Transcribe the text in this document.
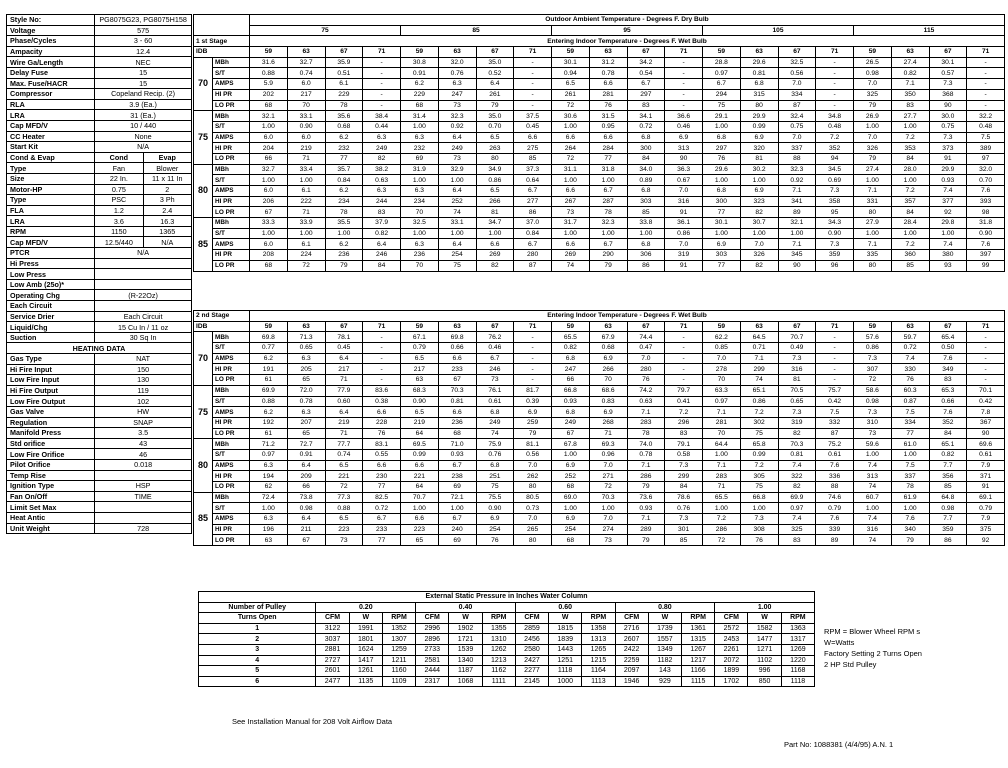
Style No:	PG8075G23, PG8075H158	
Voltage	575	
Phase/Cycles	3 - 60	
Ampacity	12.4	
Wire Ga/Length	NEC	
Delay Fuse	15	
Max. Fuse/HACR	15	
Compressor	Copeland Recip. (2)	
RLA	3.9 (Ea.)	
LRA	31 (Ea.)	
Cap MFD/V	10 / 440	
CC Heater	None	
Start Kit	N/A	
Cond & Evap	Cond	Evap
Type	Fan	Blower
Size	22 In.	11 x 11 In
Motor-HP	0.75	2
Type	PSC	3 Ph
FLA	1.2	2.4
LRA	3.6	16.3
RPM	1150	1365
Cap MFD/V	12.5/440	N/A
PTCR	N/A	
Hi Press		
Low Press		
Low Amb (25o)*		
Operating Chg	(R-22Oz)	
Each Circuit		
Service Drier	Each Circuit	
Liquid/Chg	15 Cu In / 11 oz	
Suction	30 Sq In	
HEATING DATA		
Gas Type	NAT	
Hi Fire Input	150	
Low Fire Input	130	
Hi Fire Output	119	
Low Fire Output	102	
Gas Valve	HW	
Regulation	SNAP	
Manifold Press	3.5	
Std orifice	43	
Low Fire Orifice	46	
Pilot Orifice	0.018	
Temp Rise		
Ignition Type	HSP	
Fan On/Off	TIME	
Limit Set Max		
Heat Antic		
Unit Weight	728	
		Outdoor Ambient Temperature - Degrees F. Dry Bulb																			
		75				85				95				105				115			
1 st Stage		Entering Indoor Temperature - Degrees F. Wet Bulb																			
IDB		59	63	67	71	59	63	67	71	59	63	67	71	59	63	67	71	59	63	67	71
70	MBh	31.6	32.7	35.9	-	30.8	32.0	35.0	-	30.1	31.2	34.2	-	28.8	29.6	32.5	-	26.5	27.4	30.1	-
	S/T	0.88	0.74	0.51	-	0.91	0.76	0.52	-	0.94	0.78	0.54	-	0.97	0.81	0.56	-	0.98	0.82	0.57	-
	AMPS	5.9	6.0	6.1	-	6.2	6.3	6.4	-	6.5	6.6	6.7	-	6.7	6.8	7.0	-	7.0	7.1	7.3	-
	HI PR	202	217	229	-	229	247	261	-	261	281	297	-	294	315	334	-	325	350	368	-
	LO PR	68	70	78	-	68	73	79	-	72	76	83	-	75	80	87	-	79	83	90	-
75	MBh	32.1	33.1	35.6	38.4	31.4	32.3	35.0	37.5	30.6	31.5	34.1	36.6	29.1	29.9	32.4	34.8	26.9	27.7	30.0	32.2
	S/T	1.00	0.90	0.68	0.44	1.00	0.92	0.70	0.45	1.00	0.95	0.72	0.46	1.00	0.99	0.75	0.48	1.00	1.00	0.75	0.48
	AMPS	6.0	6.0	6.2	6.3	6.3	6.4	6.5	6.6	6.6	6.6	6.8	6.9	6.8	6.9	7.0	7.2	7.0	7.2	7.3	7.5
	HI PR	204	219	232	249	232	249	263	275	264	284	300	313	297	320	337	352	326	353	373	389
	LO PR	66	71	77	82	69	73	80	85	72	77	84	90	76	81	88	94	79	84	91	97
80	MBh	32.7	33.4	35.7	38.2	31.9	32.9	34.9	37.3	31.1	31.8	34.0	36.3	29.6	30.2	32.3	34.5	27.4	28.0	29.9	32.0
	S/T	1.00	1.00	0.84	0.63	1.00	1.00	0.86	0.64	1.00	1.00	0.89	0.67	1.00	1.00	0.92	0.69	1.00	1.00	0.93	0.70
	AMPS	6.0	6.1	6.2	6.3	6.3	6.4	6.5	6.7	6.6	6.7	6.8	7.0	6.8	6.9	7.1	7.3	7.1	7.2	7.4	7.6
	HI PR	206	222	234	244	234	252	266	277	267	287	303	316	300	323	341	358	331	357	377	393
	LO PR	67	71	78	83	70	74	81	86	73	78	85	91	77	82	89	95	80	84	92	98
85	MBh	33.3	33.9	35.5	37.9	32.5	33.1	34.7	37.0	31.7	32.3	33.8	36.1	30.1	30.7	32.1	34.3	27.9	28.4	29.8	31.8
	S/T	1.00	1.00	1.00	0.82	1.00	1.00	1.00	0.84	1.00	1.00	1.00	0.86	1.00	1.00	1.00	0.90	1.00	1.00	1.00	0.90
	AMPS	6.0	6.1	6.2	6.4	6.3	6.4	6.6	6.7	6.6	6.7	6.8	7.0	6.9	7.0	7.1	7.3	7.1	7.2	7.4	7.6
	HI PR	208	224	236	246	236	254	269	280	269	290	306	319	303	326	345	359	335	360	380	397
	LO PR	68	72	79	84	70	75	82	87	74	79	86	91	77	82	90	96	80	85	93	99
2 nd Stage		Entering Indoor Temperature - Degrees F. Wet Bulb																			
IDB		59	63	67	71	59	63	67	71	59	63	67	71	59	63	67	71	59	63	67	71
70	MBh	69.8	71.3	78.1	-	67.1	69.8	76.2	-	65.5	67.9	74.4	-	62.2	64.5	70.7	-	57.6	59.7	65.4	-
	S/T	0.77	0.65	0.45	-	0.79	0.66	0.46	-	0.82	0.68	0.47	-	0.85	0.71	0.49	-	0.86	0.72	0.50	-
	AMPS	6.2	6.3	6.4	-	6.5	6.6	6.7	-	6.8	6.9	7.0	-	7.0	7.1	7.3	-	7.3	7.4	7.6	-
	HI PR	191	205	217	-	217	233	246	-	247	266	280	-	278	299	316	-	307	330	349	-
	LO PR	61	65	71	-	63	67	73	-	66	70	76	-	70	74	81	-	72	76	83	-
75	MBh	69.9	72.0	77.9	83.6	68.3	70.3	76.1	81.7	66.8	68.6	74.2	79.7	63.3	65.1	70.5	75.7	58.6	60.3	65.3	70.1
	S/T	0.88	0.78	0.60	0.38	0.90	0.81	0.61	0.39	0.93	0.83	0.63	0.41	0.97	0.86	0.65	0.42	0.98	0.87	0.66	0.42
	AMPS	6.2	6.3	6.4	6.6	6.5	6.6	6.8	6.9	6.8	6.9	7.1	7.2	7.1	7.2	7.3	7.5	7.3	7.5	7.6	7.8
	HI PR	192	207	219	228	219	236	249	259	249	268	283	296	281	302	319	332	310	334	352	367
	LO PR	61	65	71	76	64	68	74	79	67	71	78	83	70	75	82	87	73	77	84	90
80	MBh	71.2	72.7	77.7	83.1	69.5	71.0	75.9	81.1	67.8	69.3	74.0	79.1	64.4	65.8	70.3	75.2	59.6	61.0	65.1	69.6
	S/T	0.97	0.91	0.74	0.55	0.99	0.93	0.76	0.56	1.00	0.96	0.78	0.58	1.00	0.99	0.81	0.61	1.00	1.00	0.82	0.61
	AMPS	6.3	6.4	6.5	6.6	6.6	6.7	6.8	7.0	6.9	7.0	7.1	7.3	7.1	7.2	7.4	7.6	7.4	7.5	7.7	7.9
	HI PR	194	209	221	230	221	238	251	262	252	271	286	299	283	305	322	336	313	337	356	371
	LO PR	62	66	72	77	64	69	75	80	68	72	79	84	71	75	82	88	74	78	85	91
85	MBh	72.4	73.8	77.3	82.5	70.7	72.1	75.5	80.5	69.0	70.3	73.6	78.6	65.5	66.8	69.9	74.6	60.7	61.9	64.8	69.1
	S/T	1.00	0.98	0.88	0.72	1.00	1.00	0.90	0.73	1.00	1.00	0.93	0.76	1.00	1.00	0.97	0.79	1.00	1.00	0.98	0.79
	AMPS	6.3	6.4	6.5	6.7	6.6	6.7	6.9	7.0	6.9	7.0	7.1	7.3	7.2	7.3	7.4	7.6	7.4	7.6	7.7	7.9
	HI PR	196	211	223	233	223	240	254	265	254	274	289	301	286	308	325	339	316	340	359	375
	LO PR	63	67	73	77	65	69	76	80	68	73	79	85	72	76	83	89	74	79	86	92
External Static Pressure in Inches Water Column															
Number of Pulley	0.20			0.40			0.60			0.80			1.00		
Turns Open	CFM	W	RPM	CFM	W	RPM	CFM	W	RPM	CFM	W	RPM	CFM	W	RPM
1	3122	1991	1352	2996	1902	1355	2859	1815	1358	2716	1739	1361	2572	1582	1363
2	3037	1801	1307	2896	1721	1310	2456	1839	1313	2607	1557	1315	2453	1477	1317
3	2881	1624	1259	2733	1539	1262	2580	1443	1265	2422	1349	1267	2261	1271	1269
4	2727	1417	1211	2581	1340	1213	2427	1251	1215	2259	1182	1217	2072	1102	1220
5	2601	1261	1160	2444	1187	1162	2277	1118	1164	2097	143	1166	1899	996	1168
6	2477	1135	1109	2317	1068	1111	2145	1000	1113	1946	929	1115	1702	850	1118
RPM = Blower Wheel RPM s
W=Watts
Factory Setting 2 Turns Open
2 HP Std Pulley
See Installation Manual for 208 Volt Airflow Data
Part No: 1088381 (4/4/95) A.N. 1
